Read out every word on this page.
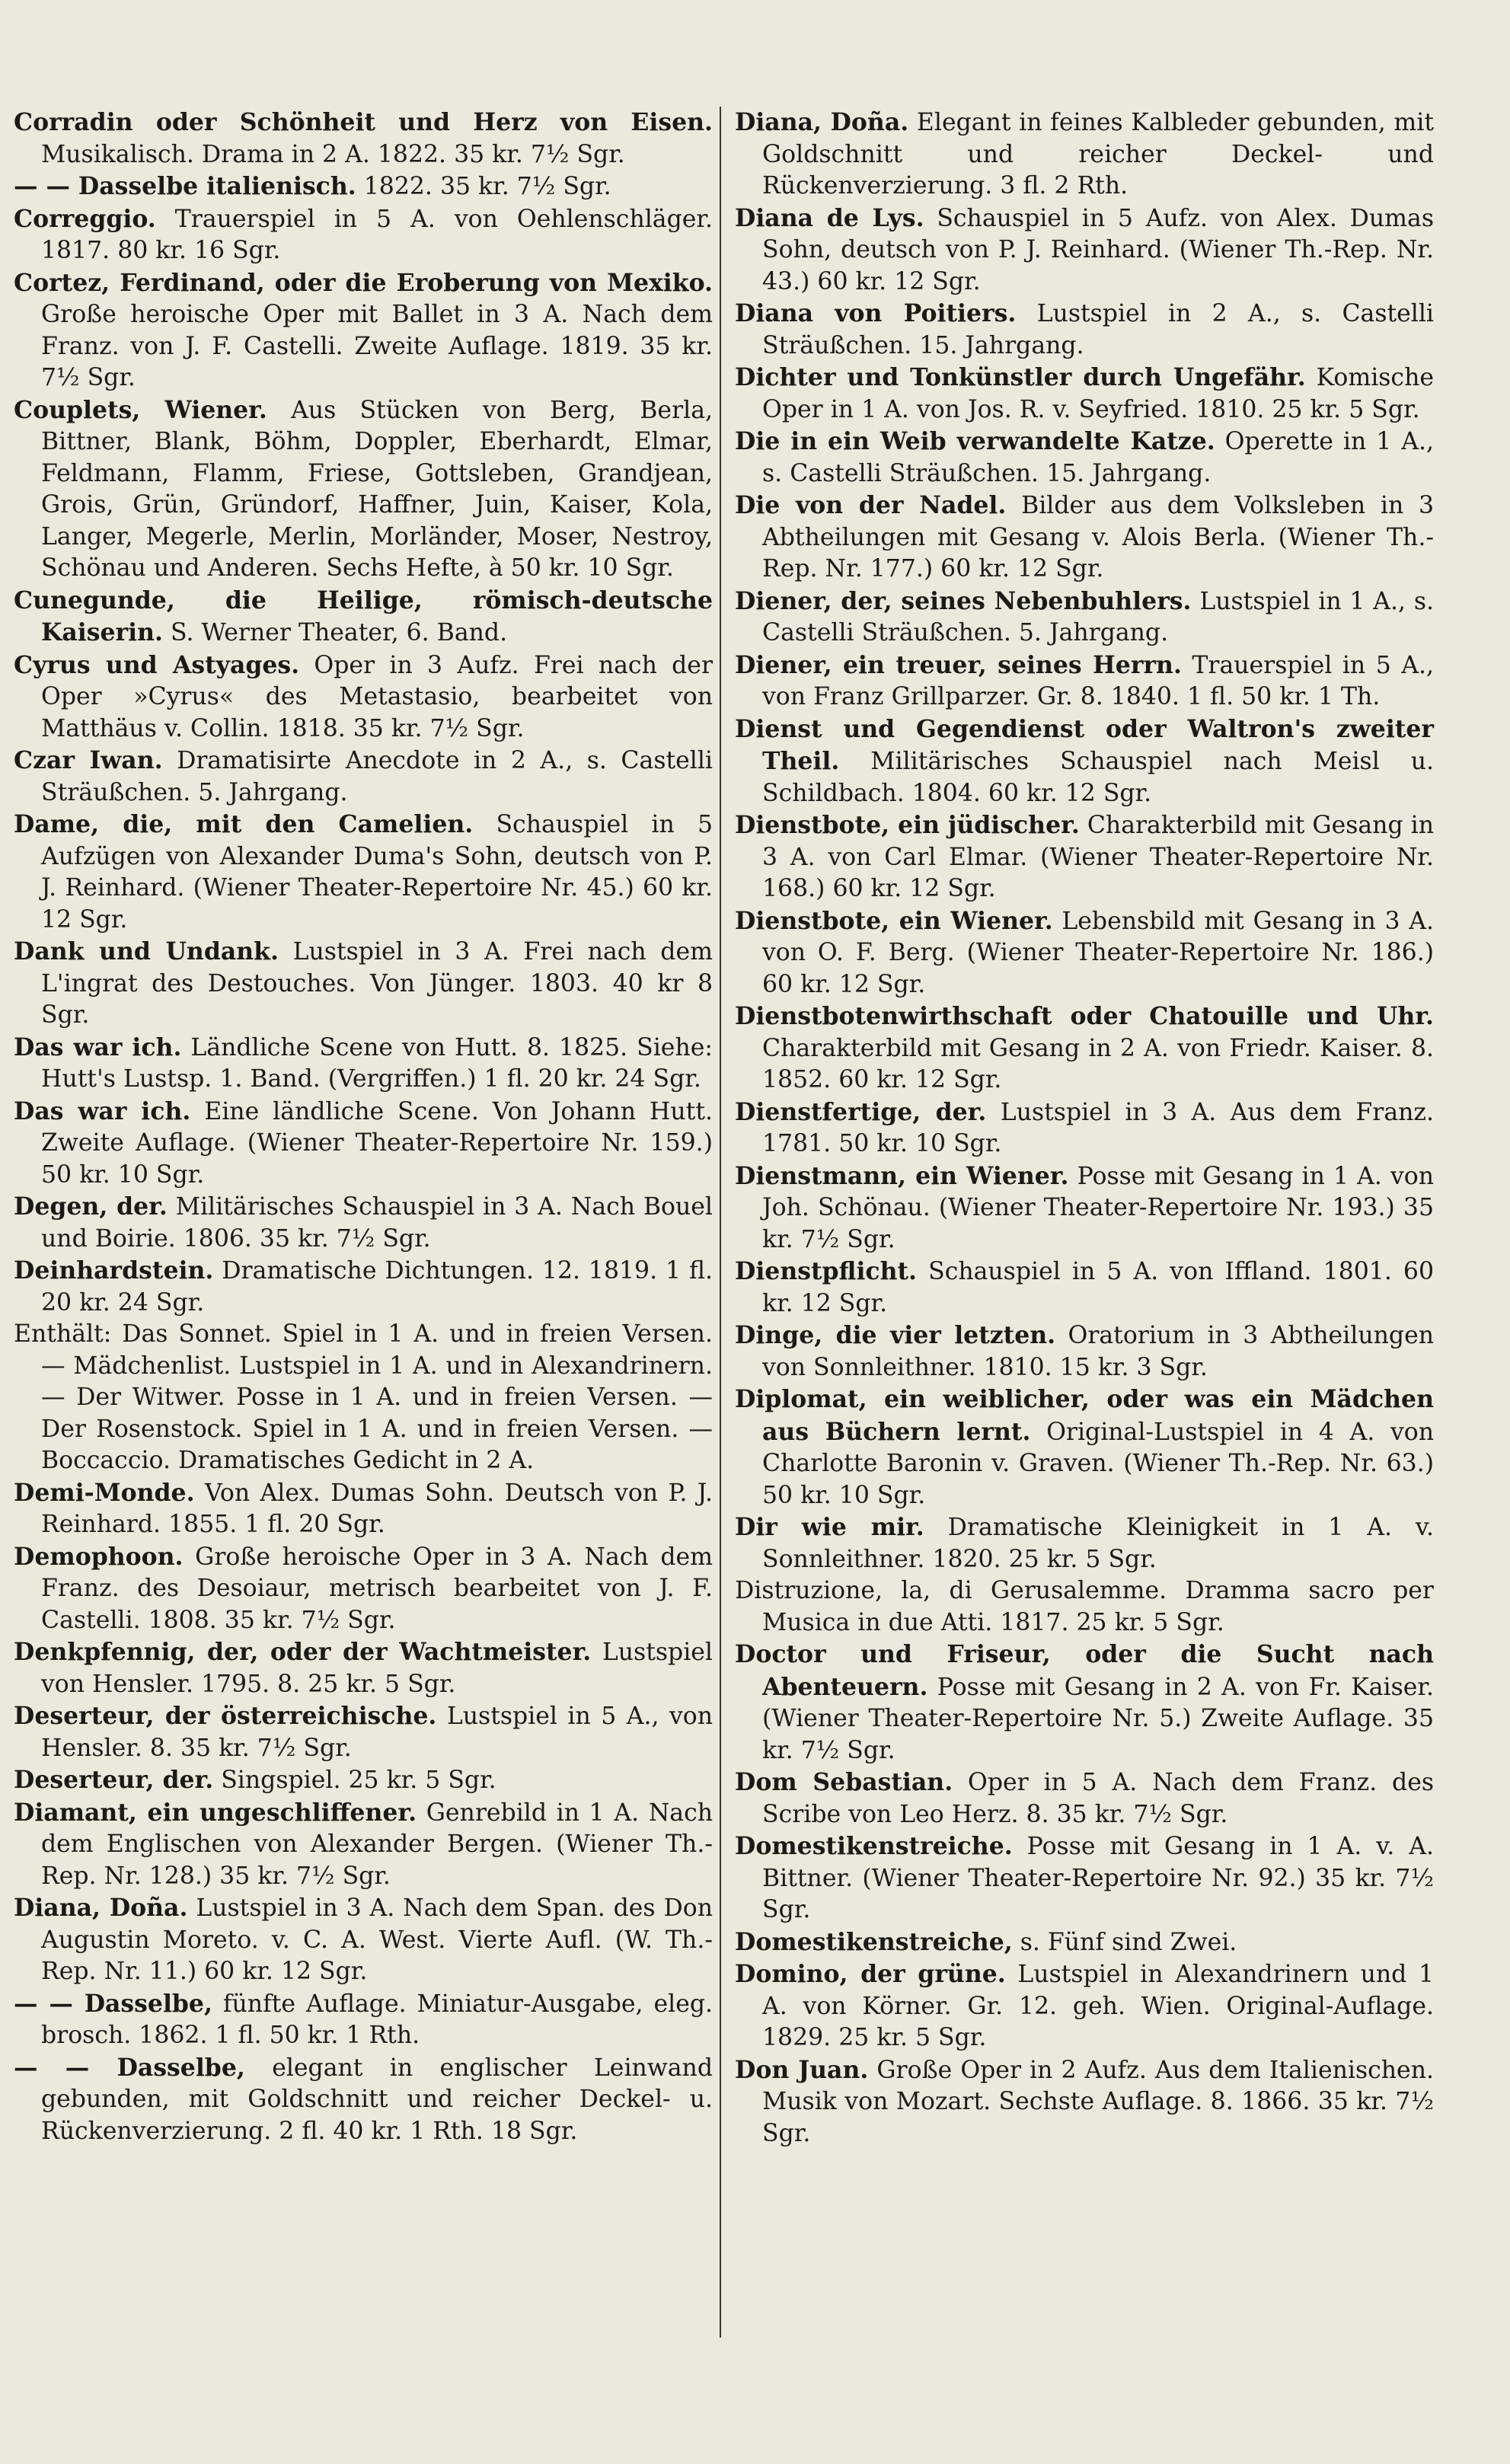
Corradin oder Schönheit und Herz von Eisen. Musikalisch. Drama in 2 A. 1822. 35 kr. 7½ Sgr.

— — Dasselbe italienisch. 1822. 35 kr. 7½ Sgr.

Correggio. Trauerspiel in 5 A. von Oehlenschläger. 1817. 80 kr. 16 Sgr.

Cortez, Ferdinand, oder die Eroberung von Mexiko. Große heroische Oper mit Ballet in 3 A. Nach dem Franz. von J. F. Castelli. Zweite Auflage. 1819. 35 kr. 7½ Sgr.

Couplets, Wiener. Aus Stücken von Berg, Berla, Bittner, Blank, Böhm, Doppler, Eberhardt, Elmar, Feldmann, Flamm, Friese, Gottsleben, Grandjean, Grois, Grün, Gründorf, Haffner, Juin, Kaiser, Kola, Langer, Megerle, Merlin, Morländer, Moser, Nestroy, Schönau und Anderen. Sechs Hefte, à 50 kr. 10 Sgr.

Cunegunde, die Heilige, römisch-deutsche Kaiserin. S. Werner Theater, 6. Band.

Cyrus und Astyages. Oper in 3 Aufz. Frei nach der Oper »Cyrus« des Metastasio, bearbeitet von Matthäus v. Collin. 1818. 35 kr. 7½ Sgr.

Czar Iwan. Dramatisirte Anecdote in 2 A., s. Castelli Sträußchen. 5. Jahrgang.

Dame, die, mit den Camelien. Schauspiel in 5 Aufzügen von Alexander Duma's Sohn, deutsch von P. J. Reinhard. (Wiener Theater-Repertoire Nr. 45.) 60 kr. 12 Sgr.

Dank und Undank. Lustspiel in 3 A. Frei nach dem L'ingrat des Destouches. Von Jünger. 1803. 40 kr 8 Sgr.

Das war ich. Ländliche Scene von Hutt. 8. 1825. Siehe: Hutt's Lustsp. 1. Band. (Vergriffen.) 1 fl. 20 kr. 24 Sgr.

Das war ich. Eine ländliche Scene. Von Johann Hutt. Zweite Auflage. (Wiener Theater-Repertoire Nr. 159.) 50 kr. 10 Sgr.

Degen, der. Militärisches Schauspiel in 3 A. Nach Bouel und Boirie. 1806. 35 kr. 7½ Sgr.

Deinhardstein. Dramatische Dichtungen. 12. 1819. 1 fl. 20 kr. 24 Sgr.

Enthält: Das Sonnet. Spiel in 1 A. und in freien Versen. — Mädchenlist. Lustspiel in 1 A. und in Alexandrinern. — Der Witwer. Posse in 1 A. und in freien Versen. — Der Rosenstock. Spiel in 1 A. und in freien Versen. — Boccaccio. Dramatisches Gedicht in 2 A.

Demi-Monde. Von Alex. Dumas Sohn. Deutsch von P. J. Reinhard. 1855. 1 fl. 20 Sgr.

Demophoon. Große heroische Oper in 3 A. Nach dem Franz. des Desoiaur, metrisch bearbeitet von J. F. Castelli. 1808. 35 kr. 7½ Sgr.

Denkpfennig, der, oder der Wachtmeister. Lustspiel von Hensler. 1795. 8. 25 kr. 5 Sgr.

Deserteur, der österreichische. Lustspiel in 5 A., von Hensler. 8. 35 kr. 7½ Sgr.

Deserteur, der. Singspiel. 25 kr. 5 Sgr.

Diamant, ein ungeschliffener. Genrebild in 1 A. Nach dem Englischen von Alexander Bergen. (Wiener Th.-Rep. Nr. 128.) 35 kr. 7½ Sgr.

Diana, Doña. Lustspiel in 3 A. Nach dem Span. des Don Augustin Moreto. v. C. A. West. Vierte Aufl. (W. Th.-Rep. Nr. 11.) 60 kr. 12 Sgr.

— — Dasselbe, fünfte Auflage. Miniatur-Ausgabe, eleg. brosch. 1862. 1 fl. 50 kr. 1 Rth.

— — Dasselbe, elegant in englischer Leinwand gebunden, mit Goldschnitt und reicher Deckel- u. Rückenverzierung. 2 fl. 40 kr. 1 Rth. 18 Sgr.

Diana, Doña. Elegant in feines Kalbleder gebunden, mit Goldschnitt und reicher Deckel- und Rückenverzierung. 3 fl. 2 Rth.

Diana de Lys. Schauspiel in 5 Aufz. von Alex. Dumas Sohn, deutsch von P. J. Reinhard. (Wiener Th.-Rep. Nr. 43.) 60 kr. 12 Sgr.

Diana von Poitiers. Lustspiel in 2 A., s. Castelli Sträußchen. 15. Jahrgang.

Dichter und Tonkünstler durch Ungefähr. Komische Oper in 1 A. von Jos. R. v. Seyfried. 1810. 25 kr. 5 Sgr.

Die in ein Weib verwandelte Katze. Operette in 1 A., s. Castelli Sträußchen. 15. Jahrgang.

Die von der Nadel. Bilder aus dem Volksleben in 3 Abtheilungen mit Gesang v. Alois Berla. (Wiener Th.-Rep. Nr. 177.) 60 kr. 12 Sgr.

Diener, der, seines Nebenbuhlers. Lustspiel in 1 A., s. Castelli Sträußchen. 5. Jahrgang.

Diener, ein treuer, seines Herrn. Trauerspiel in 5 A., von Franz Grillparzer. Gr. 8. 1840. 1 fl. 50 kr. 1 Th.

Dienst und Gegendienst oder Waltron's zweiter Theil. Militärisches Schauspiel nach Meisl u. Schildbach. 1804. 60 kr. 12 Sgr.

Dienstbote, ein jüdischer. Charakterbild mit Gesang in 3 A. von Carl Elmar. (Wiener Theater-Repertoire Nr. 168.) 60 kr. 12 Sgr.

Dienstbote, ein Wiener. Lebensbild mit Gesang in 3 A. von O. F. Berg. (Wiener Theater-Repertoire Nr. 186.) 60 kr. 12 Sgr.

Dienstbotenwirthschaft oder Chatouille und Uhr. Charakterbild mit Gesang in 2 A. von Friedr. Kaiser. 8. 1852. 60 kr. 12 Sgr.

Dienstfertige, der. Lustspiel in 3 A. Aus dem Franz. 1781. 50 kr. 10 Sgr.

Dienstmann, ein Wiener. Posse mit Gesang in 1 A. von Joh. Schönau. (Wiener Theater-Repertoire Nr. 193.) 35 kr. 7½ Sgr.

Dienstpflicht. Schauspiel in 5 A. von Iffland. 1801. 60 kr. 12 Sgr.

Dinge, die vier letzten. Oratorium in 3 Abtheilungen von Sonnleithner. 1810. 15 kr. 3 Sgr.

Diplomat, ein weiblicher, oder was ein Mädchen aus Büchern lernt. Original-Lustspiel in 4 A. von Charlotte Baronin v. Graven. (Wiener Th.-Rep. Nr. 63.) 50 kr. 10 Sgr.

Dir wie mir. Dramatische Kleinigkeit in 1 A. v. Sonnleithner. 1820. 25 kr. 5 Sgr.

Distruzione, la, di Gerusalemme. Dramma sacro per Musica in due Atti. 1817. 25 kr. 5 Sgr.

Doctor und Friseur, oder die Sucht nach Abenteuern. Posse mit Gesang in 2 A. von Fr. Kaiser. (Wiener Theater-Repertoire Nr. 5.) Zweite Auflage. 35 kr. 7½ Sgr.

Dom Sebastian. Oper in 5 A. Nach dem Franz. des Scribe von Leo Herz. 8. 35 kr. 7½ Sgr.

Domestikenstreiche. Posse mit Gesang in 1 A. v. A. Bittner. (Wiener Theater-Repertoire Nr. 92.) 35 kr. 7½ Sgr.

Domestikenstreiche, s. Fünf sind Zwei.

Domino, der grüne. Lustspiel in Alexandrinern und 1 A. von Körner. Gr. 12. geh. Wien. Original-Auflage. 1829. 25 kr. 5 Sgr.

Don Juan. Große Oper in 2 Aufz. Aus dem Italienischen. Musik von Mozart. Sechste Auflage. 8. 1866. 35 kr. 7½ Sgr.
